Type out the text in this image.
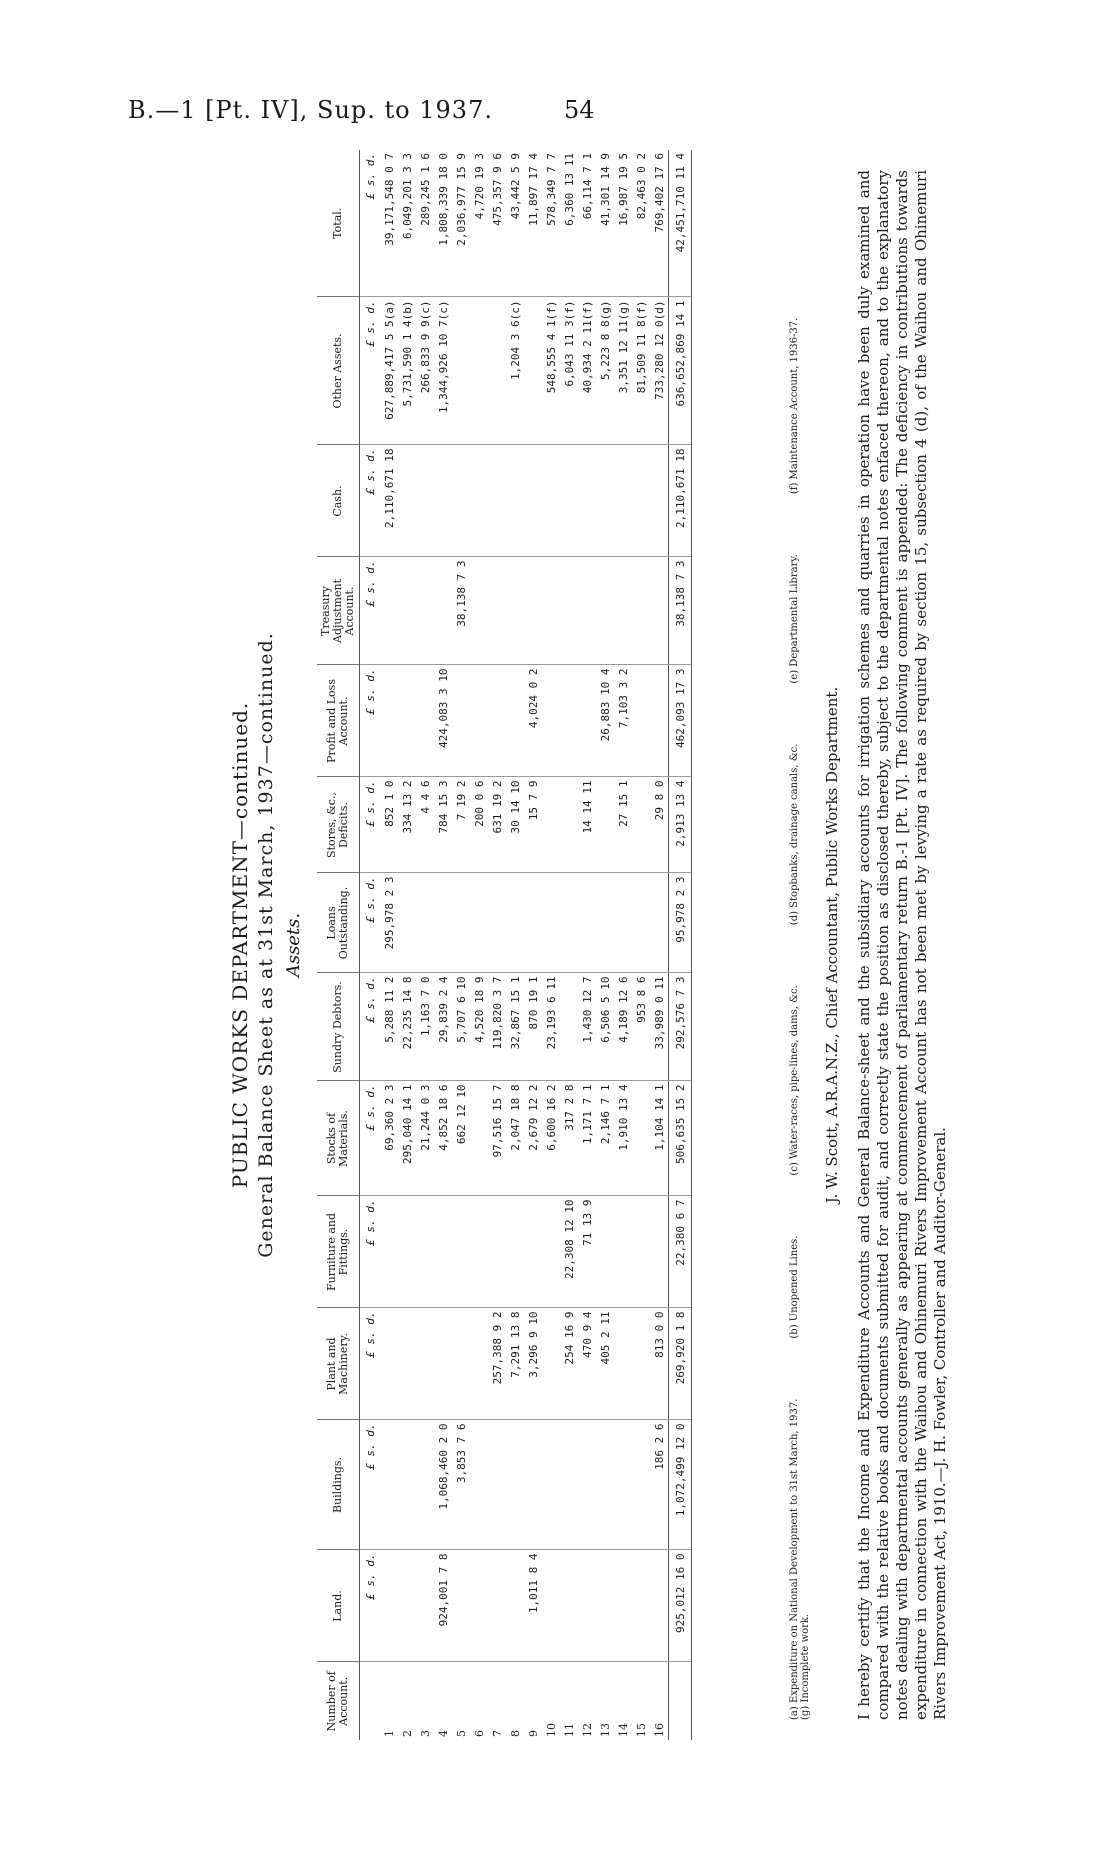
B.—1 [Pt. IV], Sup. to 1937.	54
PUBLIC WORKS DEPARTMENT—continued. General Balance Sheet as at 31st March, 1937—continued. Assets.
Number of Account.	Land.	Buildings.	Plant and Machinery.	Furniture and Fittings.	Stocks of Materials.	Sundry Debtors.	Loans Outstanding.	Stores, &c., Deficits.	Profit and Loss Account.	Treasury Adjustment Account.	Cash.	Other Assets.	Total.
	£ s. d.	£ s. d.	£ s. d.	£ s. d.	£ s. d.	£ s. d.	£ s. d.	£ s. d.	£ s. d.	£ s. d.	£ s. d.	£ s. d.	£ s. d.
1					69,360 2 3	5,288 11 2	295,978 2 3	852 1 0			2,110,671 18	627,889,417 5 5(a)	39,171,548 0 7
2					295,040 14 1	22,235 14 8		334 13 2				5,731,590 1 4(b)	6,049,201 3 3
3					21,244 0 3	1,163 7 0		4 4 6				266,833 9 9(c)	289,245 1 6
4	924,001 7 8	1,068,460 2 0			4,852 18 6	29,839 2 4		784 15 3	424,083 3 10			1,344,926 10 7(c)	1,808,339 18 0
5		3,853 7 6			662 12 10	5,707 6 10		7 19 2		38,138 7 3			2,036,977 15 9
6						4,520 18 9		200 0 6					4,720 19 3
7			257,388 9 2		97,516 15 7	119,820 3 7		631 19 2					475,357 9 6
8			7,291 13 8		2,047 18 8	32,867 15 1		30 14 10				1,204 3 6(c)	43,442 5 9
9	1,011 8 4		3,296 9 10		2,679 12 2	870 19 1		15 7 9	4,024 0 2				11,897 17 4
10					6,600 16 2	23,193 6 11						548,555 4 1(f)	578,349 7 7
11			254 16 9	22,308 12 10	317 2 8							6,043 11 3(f)	6,360 13 11
12			470 9 4	71 13 9	1,171 7 1	1,430 12 7		14 14 11				40,934 2 11(f)	66,114 7 1
13			405 2 11		2,146 7 1	6,506 5 10			26,883 10 4			5,223 8 8(g)	41,301 14 9
14					1,910 13 4	4,189 12 6		27 15 1	7,103 3 2			3,351 12 11(g)	16,987 19 5
15						953 8 6						81,509 11 8(f)	82,463 0 2
16		186 2 6	813 0 0		1,104 14 1	33,989 0 11		29 8 0				733,280 12 0(d)	769,402 17 6
	925,012 16 0	1,072,499 12 0	269,920 1 8	22,380 6 7	506,635 15 2	292,576 7 3	95,978 2 3	2,913 13 4	462,093 17 3	38,138 7 3	2,110,671 18	636,652,869 14 1	42,451,710 11 4
(a) Expenditure on National Development to 31st March, 1937.(b) Unopened Lines.(c) Water-races, pipe-lines, dams, &c.(d) Stopbanks, drainage canals, &c.(e) Departmental Library.(f) Maintenance Account, 1936-37.(g) Incomplete work.
J. W. Scott, A.R.A.N.Z., Chief Accountant, Public Works Department. I hereby certify that the Income and Expenditure Accounts and General Balance-sheet and the subsidiary accounts for irrigation schemes and quarries in operation have been duly examined and compared with the relative books and documents submitted for audit, and correctly state the position as disclosed thereby, subject to the departmental notes enfaced thereon, and to the explanatory notes dealing with departmental accounts generally as appearing at commencement of parliamentary return B.-1 [Pt. IV]. The following comment is appended: The deficiency in contributions towards expenditure in connection with the Waihou and Ohinemuri Rivers Improvement Account has not been met by levying a rate as required by section 15, subsection 4 (d), of the Waihou and Ohinemuri Rivers Improvement Act, 1910.—J. H. Fowler, Controller and Auditor-General.
